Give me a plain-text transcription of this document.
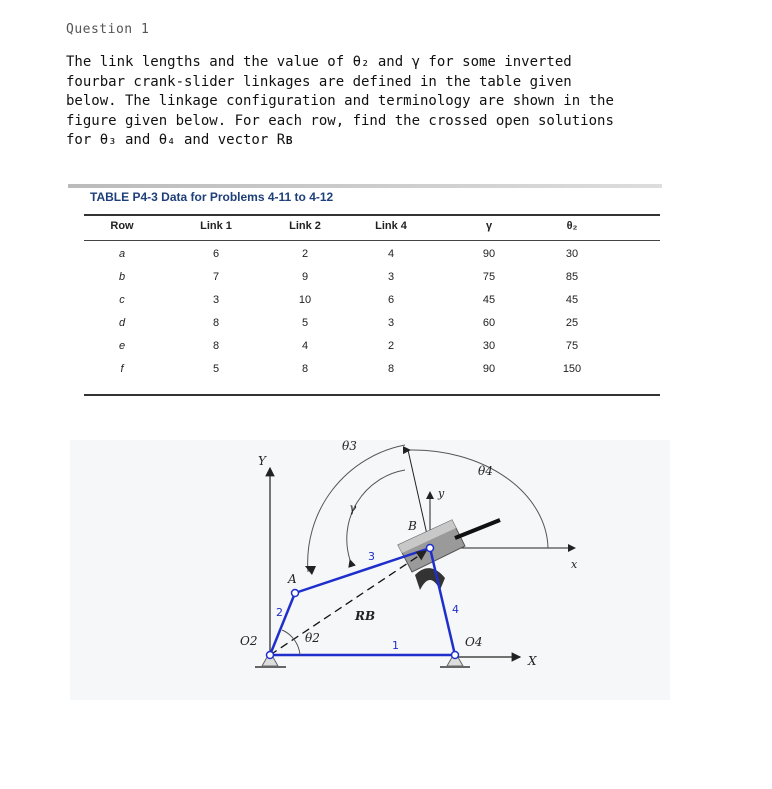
Question 1
The link lengths and the value of θ₂ and γ for some inverted
fourbar crank-slider linkages are defined in the table given
below. The linkage configuration and terminology are shown in the
figure given below. For each row, find the crossed open solutions
for θ₃ and θ₄ and vector Rʙ
TABLE P4-3 Data for Problems 4-11 to 4-12
Row	Link 1	Link 2	Link 4	γ	θ₂
a	6	2	4	90	30
b	7	9	3	75	85
c	3	10	6	45	45
d	8	5	3	60	25
e	8	4	2	30	75
f	5	8	8	90	150
θ3
θ4
θ2
γ
Y
X
y
x
A
B
O2	O4
RB
1
2
3
4
